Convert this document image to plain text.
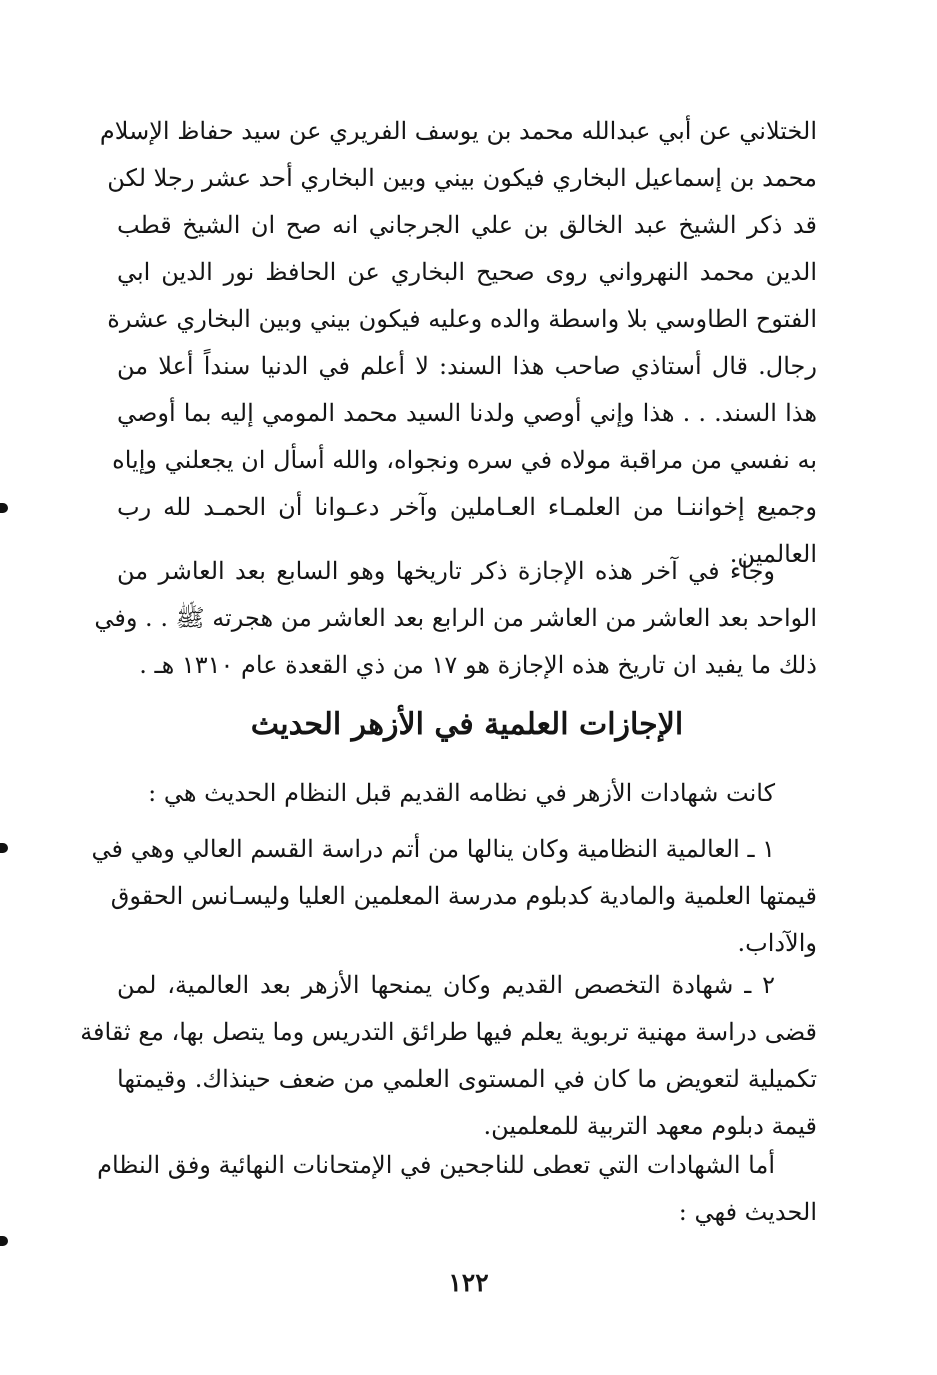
الختلاني عن أبي عبدالله محمد بن يوسف الفريري عن سيد حفاظ الإسلام
محمد بن إسماعيل البخاري فيكون بيني وبين البخاري أحد عشر رجلا لكن
قد ذكر الشيخ عبد الخالق بن علي الجرجاني انه صح ان الشيخ قطب
الدين محمد النهرواني روى صحيح البخاري عن الحافظ نور الدين ابي
الفتوح الطاوسي بلا واسطة والده وعليه فيكون بيني وبين البخاري عشرة
رجال. قال أستاذي صاحب هذا السند: لا أعلم في الدنيا سنداً أعلا من
هذا السند. . . هذا وإني أوصي ولدنا السيد محمد المومي إليه بما أوصي
به نفسي من مراقبة مولاه في سره ونجواه، والله أسأل ان يجعلني وإياه
وجميع إخواننـا من العلمـاء العـاملين وآخر دعـوانا أن الحمـد لله رب
العالمين.
وجاء في آخر هذه الإجازة ذكر تاريخها وهو السابع بعد العاشر من
الواحد بعد العاشر من العاشر من الرابع بعد العاشر من هجرته ﷺ . . وفي
ذلك ما يفيد ان تاريخ هذه الإجازة هو ١٧ من ذي القعدة عام ١٣١٠ هـ .
الإجازات العلمية في الأزهر الحديث
كانت شهادات الأزهر في نظامه القديم قبل النظام الحديث هي :
١ ـ العالمية النظامية وكان ينالها من أتم دراسة القسم العالي وهي في
قيمتها العلمية والمادية كدبلوم مدرسة المعلمين العليا وليسـانس الحقوق
والآداب.
٢ ـ شهادة التخصص القديم وكان يمنحها الأزهر بعد العالمية، لمن
قضى دراسة مهنية تربوية يعلم فيها طرائق التدريس وما يتصل بها، مع ثقافة
تكميلية لتعويض ما كان في المستوى العلمي من ضعف حينذاك. وقيمتها
قيمة دبلوم معهد التربية للمعلمين.
أما الشهادات التي تعطى للناجحين في الإمتحانات النهائية وفق النظام
الحديث فهي :
١٢٢
